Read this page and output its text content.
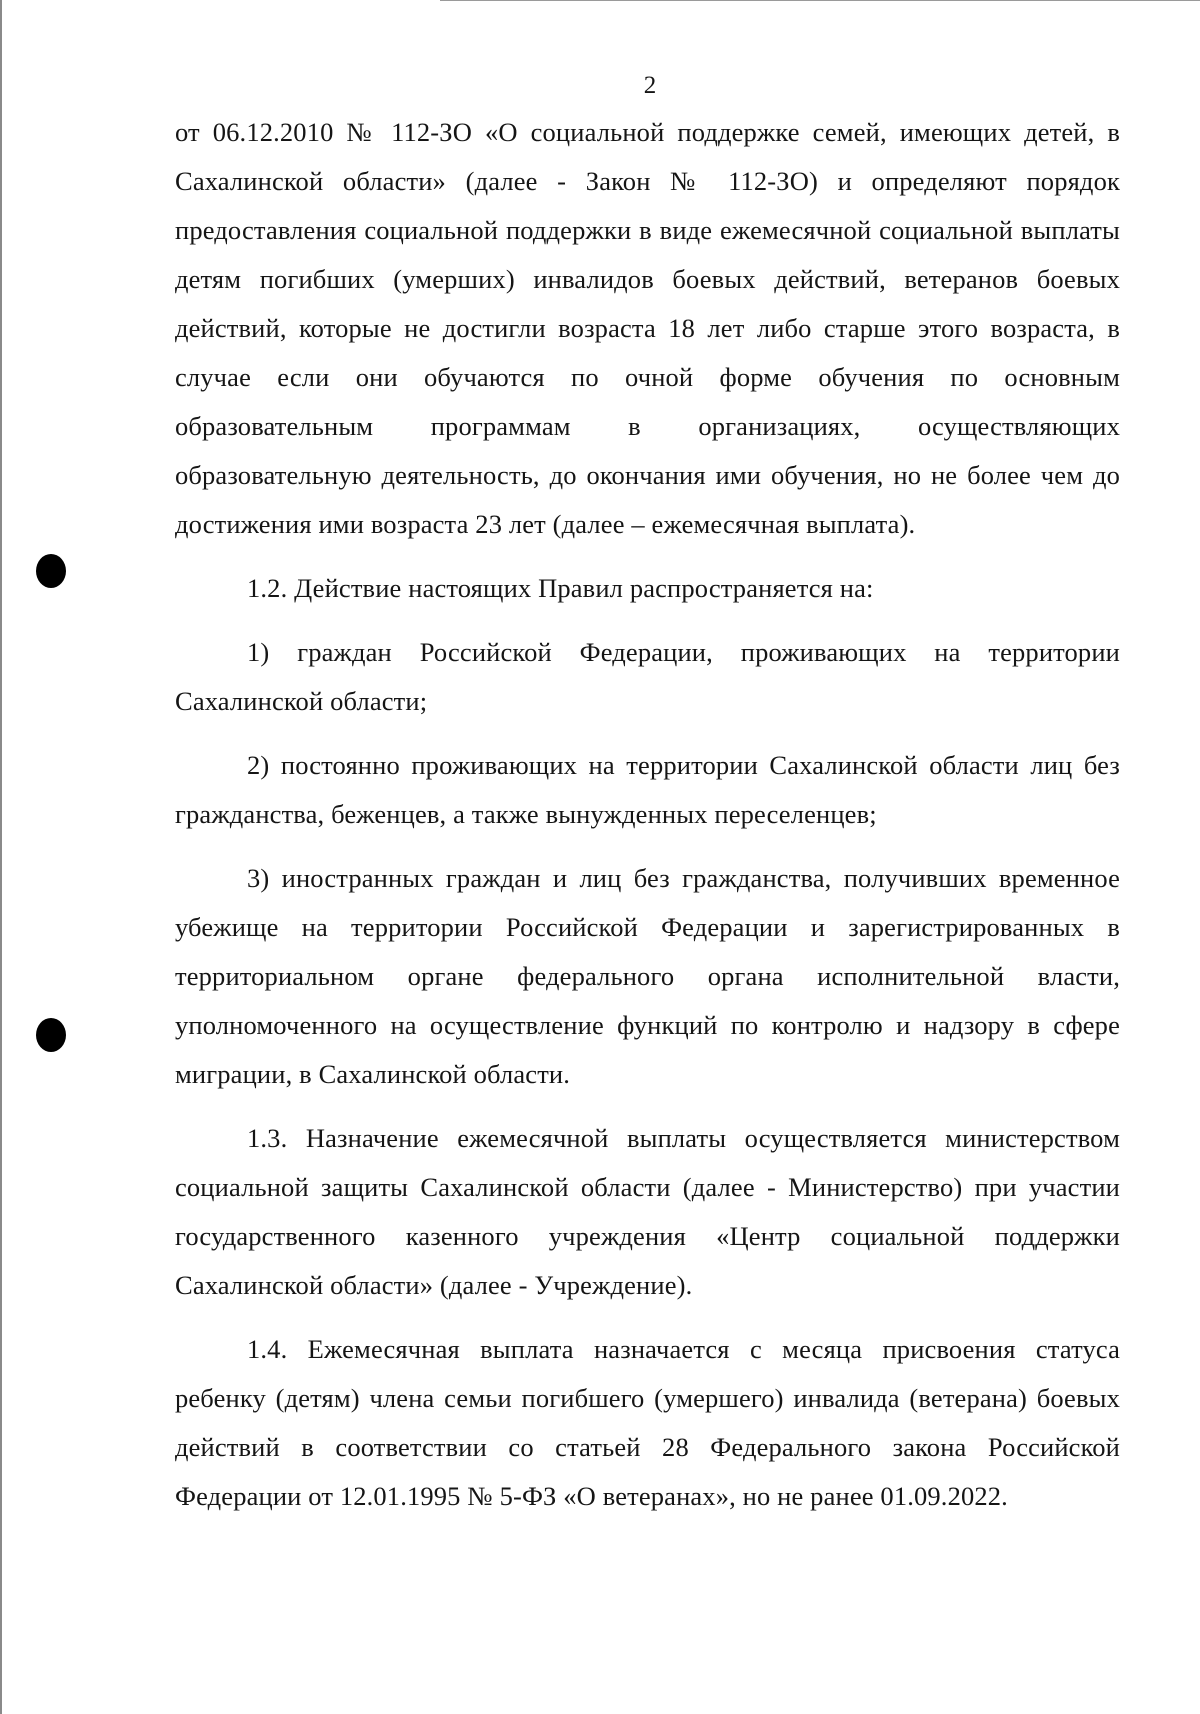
2

от 06.12.2010 № 112-ЗО «О социальной поддержке семей, имеющих детей, в Сахалинской области» (далее - Закон № 112-ЗО) и определяют порядок предоставления социальной поддержки в виде ежемесячной социальной выплаты детям погибших (умерших) инвалидов боевых действий, ветеранов боевых действий, которые не достигли возраста 18 лет либо старше этого возраста, в случае если они обучаются по очной форме обучения по основным образовательным программам в организациях, осуществляющих образовательную деятельность, до окончания ими обучения, но не более чем до достижения ими возраста 23 лет (далее – ежемесячная выплата).

1.2. Действие настоящих Правил распространяется на:

1) граждан Российской Федерации, проживающих на территории Сахалинской области;

2) постоянно проживающих на территории Сахалинской области лиц без гражданства, беженцев, а также вынужденных переселенцев;

3) иностранных граждан и лиц без гражданства, получивших временное убежище на территории Российской Федерации и зарегистрированных в территориальном органе федерального органа исполнительной власти, уполномоченного на осуществление функций по контролю и надзору в сфере миграции, в Сахалинской области.

1.3. Назначение ежемесячной выплаты осуществляется министерством социальной защиты Сахалинской области (далее - Министерство) при участии государственного казенного учреждения «Центр социальной поддержки Сахалинской области» (далее - Учреждение).

1.4. Ежемесячная выплата назначается с месяца присвоения статуса ребенку (детям) члена семьи погибшего (умершего) инвалида (ветерана) боевых действий в соответствии со статьей 28 Федерального закона Российской Федерации от 12.01.1995 № 5-ФЗ «О ветеранах», но не ранее 01.09.2022.
